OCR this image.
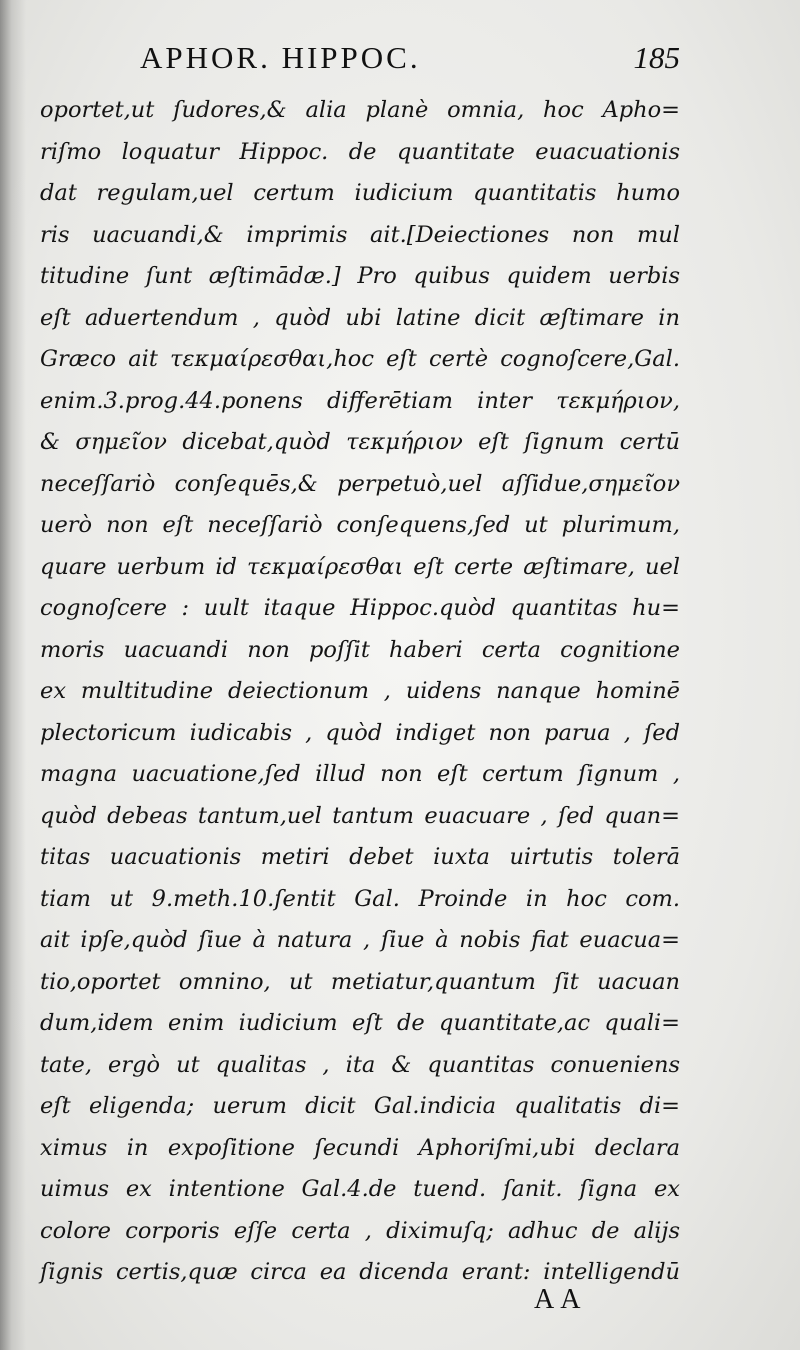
APHOR. HIPPOC.	185
oportet,ut ſudores,& alia planè omnia, hoc Apho=
riſmo loquatur Hippoc. de quantitate euacuationis
dat regulam,uel certum iudicium quantitatis humo
ris uacuandi,& imprimis ait.[Deiectiones non mul
titudine ſunt æſtimādæ.] Pro quibus quidem uerbis
eſt aduertendum , quòd ubi latine dicit æſtimare in
Græco ait τεκμαίρεσθαι,hoc eſt certè cognoſcere,Gal.
enim.3.prog.44.ponens differētiam inter τεκμήριον,
& σημεῖον dicebat,quòd τεκμήριον eſt ſignum certū
neceſſariò conſequēs,& perpetuò,uel aſſidue,σημεῖον
uerò non eſt neceſſariò conſequens,ſed ut plurimum,
quare uerbum id τεκμαίρεσθαι eſt certe æſtimare, uel
cognoſcere : uult itaque Hippoc.quòd quantitas hu=
moris uacuandi non poſſit haberi certa cognitione
ex multitudine deiectionum , uidens nanque hominē
plectoricum iudicabis , quòd indiget non parua , ſed
magna uacuatione,ſed illud non eſt certum ſignum ,
quòd debeas tantum,uel tantum euacuare , ſed quan=
titas uacuationis metiri debet iuxta uirtutis tolerā
tiam ut 9.meth.10.ſentit Gal. Proinde in hoc com.
ait ipſe,quòd ſiue à natura , ſiue à nobis fiat euacua=
tio,oportet omnino, ut metiatur,quantum ſit uacuan
dum,idem enim iudicium eſt de quantitate,ac quali=
tate, ergò ut qualitas , ita & quantitas conueniens
eſt eligenda; uerum dicit Gal.indicia qualitatis di=
ximus in expoſitione ſecundi Aphoriſmi,ubi declara
uimus ex intentione Gal.4.de tuend. ſanit. ſigna ex
colore corporis eſſe certa , diximuſq; adhuc de alijs
ſignis certis,quæ circa ea dicenda erant: intelligendū
AA
